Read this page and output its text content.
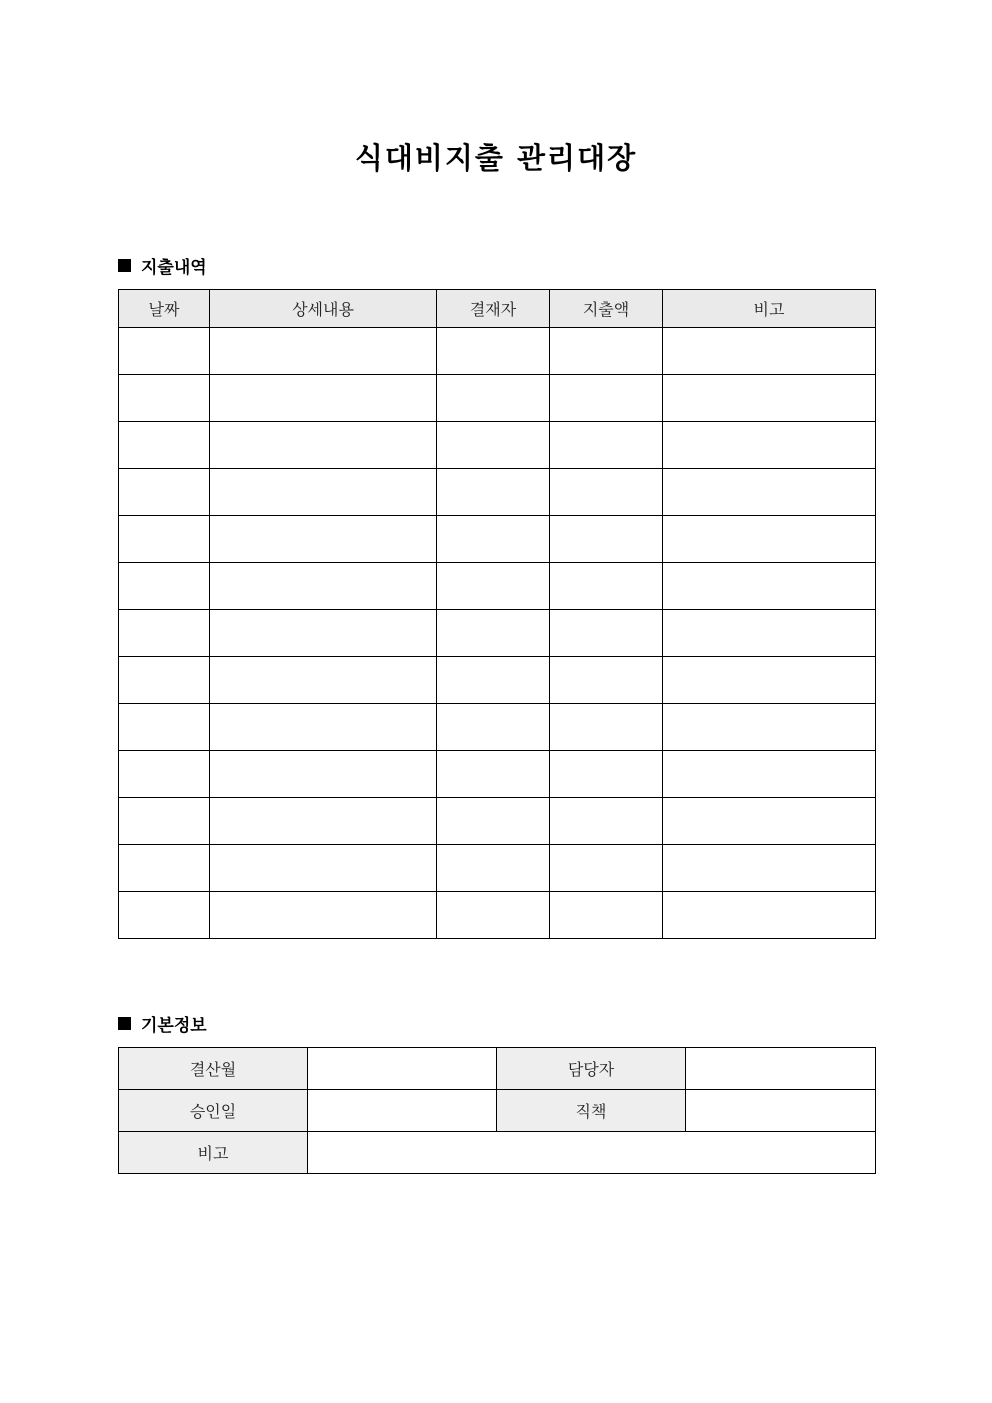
식대비지출 관리대장
지출내역
날짜	상세내용	결재자	지출액	비고

기본정보
결산월		담당자	
승인일		직책	
비고			
